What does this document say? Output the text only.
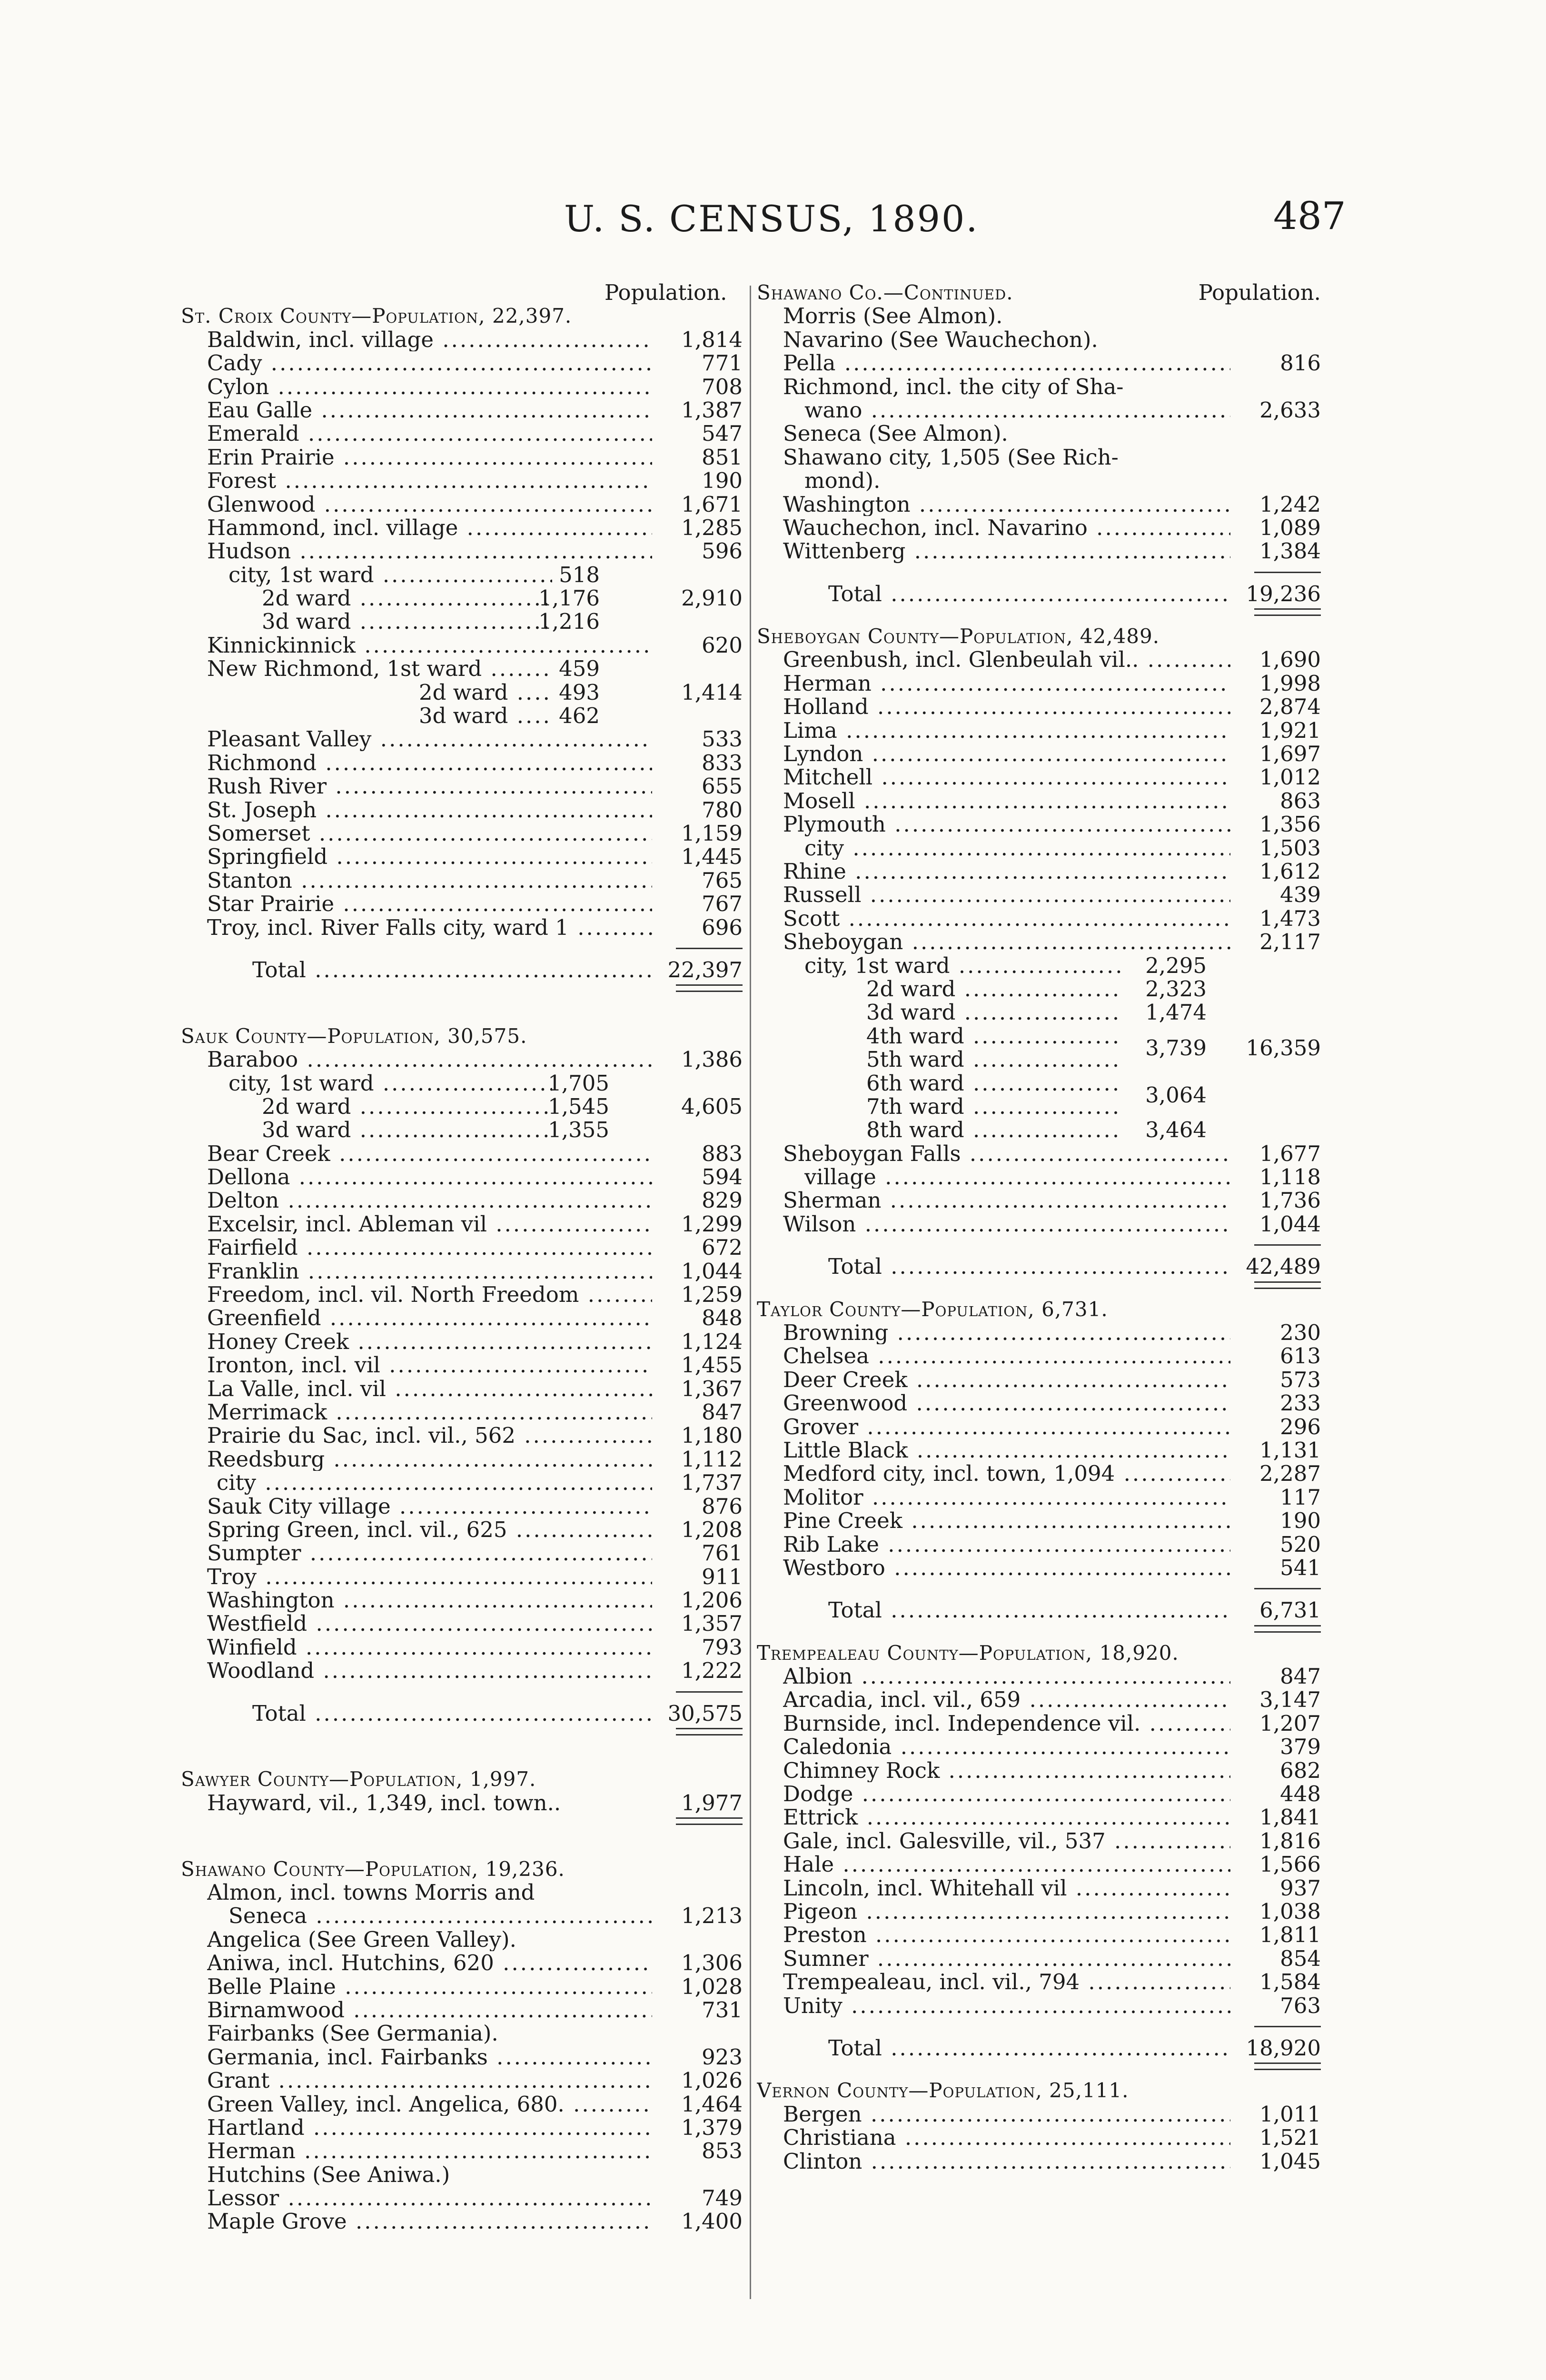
U. S. CENSUS, 1890.	487
Population.
St. Croix County—Population, 22,397.
Baldwin, incl. village .....	1,814
Cady .....	771
Cylon .....	708
Eau Galle .....	1,387
Emerald .....	547
Erin Prairie .....	851
Forest .....	190
Glenwood .....	1,671
Hammond, incl. village .....	1,285
Hudson .....	596
city, 1st ward .....	518
2d ward .....	1,176	2,910
3d ward .....	1,216
Kinnickinnick .....	620
New Richmond, 1st ward .....	459
2d ward .....	493	1,414
3d ward .....	462
Pleasant Valley .....	533
Richmond .....	833
Rush River .....	655
St. Joseph .....	780
Somerset .....	1,159
Springfield .....	1,445
Stanton .....	765
Star Prairie .....	767
Troy, incl. River Falls city, ward 1 .....	696
Total .....	22,397
Sauk County—Population, 30,575.
Baraboo .....	1,386
city, 1st ward .....	1,705
2d ward .....	1,545	4,605
3d ward .....	1,355
Bear Creek .....	883
Dellona .....	594
Delton .....	829
Excelsir, incl. Ableman vil .....	1,299
Fairfield .....	672
Franklin .....	1,044
Freedom, incl. vil. North Freedom .....	1,259
Greenfield .....	848
Honey Creek .....	1,124
Ironton, incl. vil .....	1,455
La Valle, incl. vil .....	1,367
Merrimack .....	847
Prairie du Sac, incl. vil., 562 .....	1,180
Reedsburg .....	1,112
city .....	1,737
Sauk City village .....	876
Spring Green, incl. vil., 625 .....	1,208
Sumpter .....	761
Troy .....	911
Washington .....	1,206
Westfield .....	1,357
Winfield .....	793
Woodland .....	1,222
Total .....	30,575
Sawyer County—Population, 1,997.
Hayward, vil., 1,349, incl. town..	1,977
Shawano County—Population, 19,236.
Almon, incl. towns Morris and
Seneca .....	1,213
Angelica (See Green Valley).
Aniwa, incl. Hutchins, 620 .....	1,306
Belle Plaine .....	1,028
Birnamwood .....	731
Fairbanks (See Germania).
Germania, incl. Fairbanks .....	923
Grant .....	1,026
Green Valley, incl. Angelica, 680. .....	1,464
Hartland .....	1,379
Herman .....	853
Hutchins (See Aniwa.)
Lessor .....	749
Maple Grove .....	1,400
Shawano Co.—Continued.	Population.
Morris (See Almon).
Navarino (See Wauchechon).
Pella .....	816
Richmond, incl. the city of Sha-
wano .....	2,633
Seneca (See Almon).
Shawano city, 1,505 (See Rich-
mond).
Washington .....	1,242
Wauchechon, incl. Navarino .....	1,089
Wittenberg .....	1,384
Total .....	19,236
Sheboygan County—Population, 42,489.
Greenbush, incl. Glenbeulah vil.. .....	1,690
Herman .....	1,998
Holland .....	2,874
Lima .....	1,921
Lyndon .....	1,697
Mitchell .....	1,012
Mosell .....	863
Plymouth .....	1,356
city .....	1,503
Rhine .....	1,612
Russell .....	439
Scott .....	1,473
Sheboygan .....	2,117
city, 1st ward .....	2,295
2d ward .....	2,323
3d ward .....	1,474
4th ward .....	3,739 16,359
5th ward .....
6th ward .....	3,064
7th ward .....
8th ward .....	3,464
Sheboygan Falls .....	1,677
village .....	1,118
Sherman .....	1,736
Wilson .....	1,044
Total .....	42,489
Taylor County—Population, 6,731.
Browning .....	230
Chelsea .....	613
Deer Creek .....	573
Greenwood .....	233
Grover .....	296
Little Black .....	1,131
Medford city, incl. town, 1,094 .....	2,287
Molitor .....	117
Pine Creek .....	190
Rib Lake .....	520
Westboro .....	541
Total .....	6,731
Trempealeau County—Population, 18,920.
Albion .....	847
Arcadia, incl. vil., 659 .....	3,147
Burnside, incl. Independence vil. .....	1,207
Caledonia .....	379
Chimney Rock .....	682
Dodge .....	448
Ettrick .....	1,841
Gale, incl. Galesville, vil., 537 .....	1,816
Hale .....	1,566
Lincoln, incl. Whitehall vil .....	937
Pigeon .....	1,038
Preston .....	1,811
Sumner .....	854
Trempealeau, incl. vil., 794 .....	1,584
Unity .....	763
Total .....	18,920
Vernon County—Population, 25,111.
Bergen .....	1,011
Christiana .....	1,521
Clinton .....	1,045
